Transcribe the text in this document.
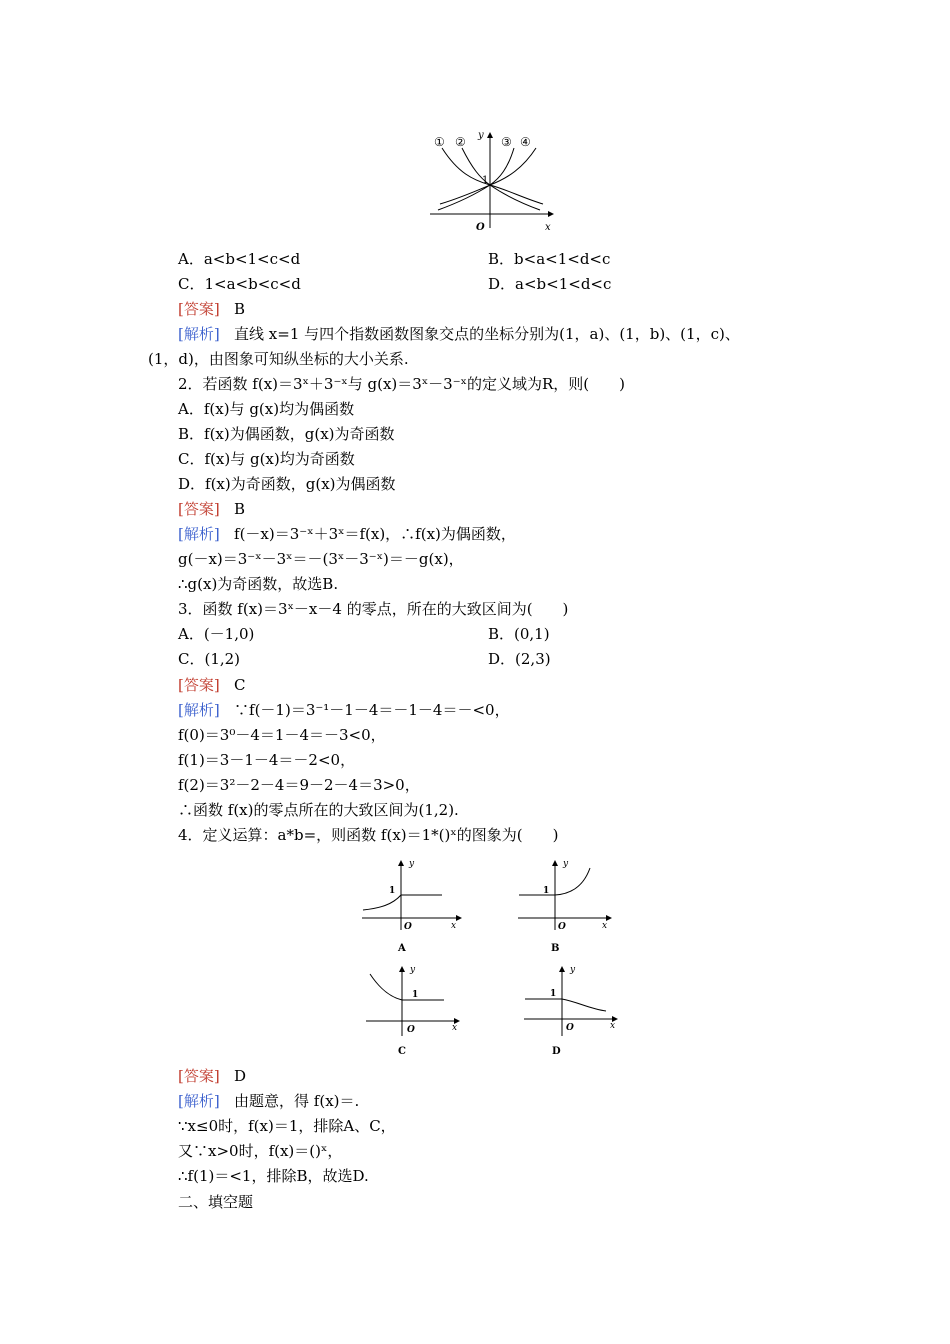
① ② y ③ ④
1
O	x
A．a<b<1<c<d	B．b<a<1<d<c
C．1<a<b<c<d	D．a<b<1<d<c
[答案] B
[解析] 直线 x=1 与四个指数函数图象交点的坐标分别为(1，a)、(1，b)、(1，c)、
(1，d)，由图象可知纵坐标的大小关系.
2．若函数 f(x)＝3ˣ＋3⁻ˣ与 g(x)＝3ˣ－3⁻ˣ的定义域为R，则(　　)
A．f(x)与 g(x)均为偶函数
B．f(x)为偶函数，g(x)为奇函数
C．f(x)与 g(x)均为奇函数
D．f(x)为奇函数，g(x)为偶函数
[答案] B
[解析] f(－x)＝3⁻ˣ＋3ˣ＝f(x)，∴f(x)为偶函数，
g(－x)＝3⁻ˣ－3ˣ＝－(3ˣ－3⁻ˣ)＝－g(x)，
∴g(x)为奇函数，故选B.
3．函数 f(x)＝3ˣ－x－4 的零点，所在的大致区间为(　　)
A．(－1,0)	B．(0,1)
C．(1,2)	D．(2,3)
[答案] C
[解析] ∵f(－1)＝3⁻¹－1－4＝－1－4＝－<0，
f(0)＝3⁰－4＝1－4＝－3<0，
f(1)＝3－1－4＝－2<0，
f(2)＝3²－2－4＝9－2－4＝3>0，
∴函数 f(x)的零点所在的大致区间为(1,2).
4．定义运算：a*b=，则函数 f(x)＝1*()ˣ的图象为(　　)
y
1
O	x
A
y
1
O	x
B
y
1
O	x
C
y
1
O	x
D
[答案] D
[解析] 由题意，得 f(x)＝.
∵x≤0时，f(x)＝1，排除A、C，
又∵x>0时，f(x)＝()ˣ，
∴f(1)＝<1，排除B，故选D.
二、填空题
